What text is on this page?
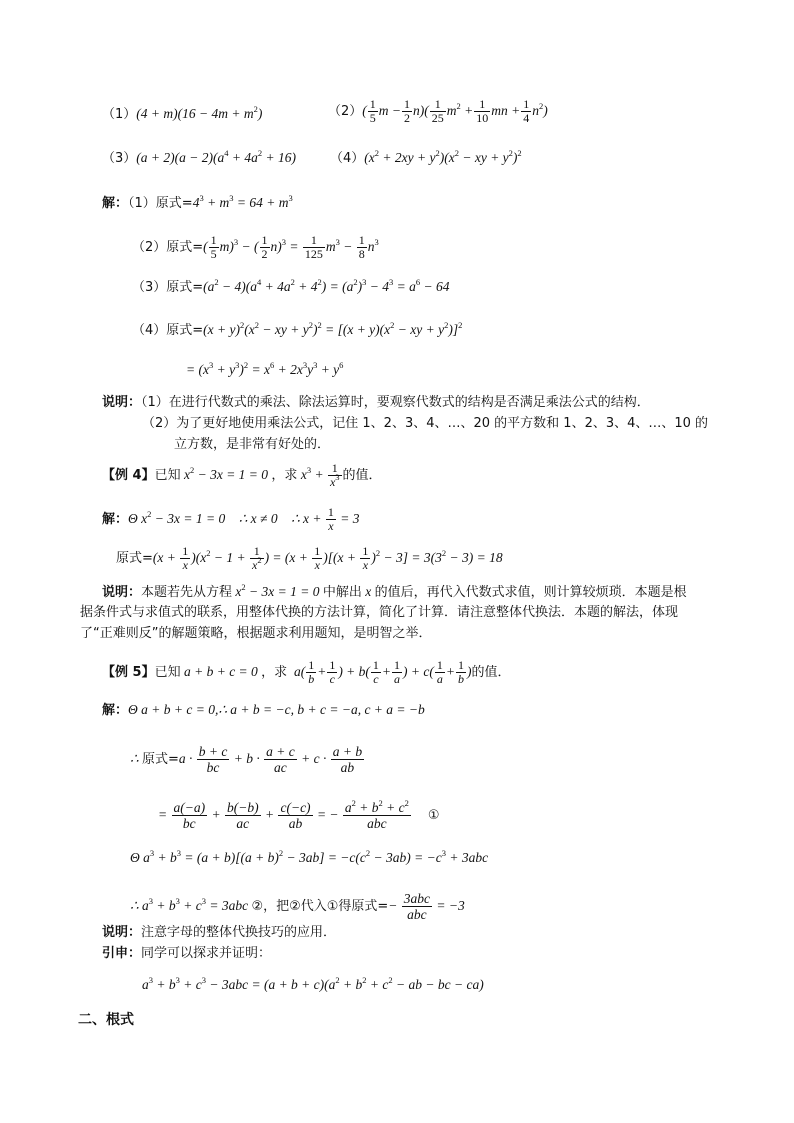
$(1)(4 + m)(16 - 4m + m^2)$	$(2)( \frac{1}{5}$ $m - \frac{1}{2} n)( \frac{1}{25} m^2 + \frac{1}{10}$ mn + $\frac{1}{4} n^2$)
$(3)(a + 2)(a - 2)(a^4 + 4a^2 + 16)$	$(4)(x^2 + 2xy + y^2)(x^2$ − xy + $y^2)^2$
解：（1）原式$=4^3 + m^3 = 64 + m^3$
（2）原式=( $\frac{1}{5} m)^3$ − ( $\frac{1}{2} n)^3 = \frac{1}{125} m^3 - \frac{1}{8} n^3$
（3）原式$=(a^2 - 4)(a^4 + 4a^2 + 4^2) = (a^2)^3 - 4^3 = a^6 - 64$
（4）原式$=(x + y)^2(x^2$ − xy + $y^2)^2 = [(x + y)(x^2$ − xy + $y^2)]^2$
= $(x^3 + y^3)^2 = x^6 + 2x^3y^3 + y^6$
说明：（1）在进行代数式的乘法、除法运算时，要观察代数式的结构是否满足乘法公式的结构．
（2）为了更好地使用乘法公式，记住 1、2、3、4、…、20 的平方数和 1、2、3、4、…、10 的
立方数，是非常有好处的．
【例 4】已知 $x^2 - 3x = 1 = 0$ ，求 $x^3 + \frac{1}{x^3}$ 的值．
解：Θ $x^2 - 3x = 1 = 0$    ∴ x ≠ 0    ∴ $x + \frac{1}{x} = 3$
原式$=(x + \frac{1}{x} )(x^2 - 1 + \frac{1}{x^2}$ ) = $(x + \frac{1}{x} )[(x + \frac{1}{x} )^2 - 3] = 3(3^2 - 3) = 18$
说明：本题若先从方程 $x^2 - 3x = 1 = 0$ 中解出 x 的值后，再代入代数式求值，则计算较烦琐．本题是根
据条件式与求值式的联系，用整体代换的方法计算，简化了计算．请注意整体代换法．本题的解法，体现
了“正难则反”的解题策略，根据题求利用题知，是明智之举．
【例 5】已知 a + b + c = 0 ，求  $a( \frac{1}{b} + \frac{1}{c}$ ) + $b( \frac{1}{c} + \frac{1}{a}$ ) + $c( \frac{1}{a} + \frac{1}{b}$ )的值．
解：Θ a + b + c = 0,∴ a + b = −c, b + c = −a, c + a = −b
∴ 原式$=a \cdot \frac{b + c}{bc} + b \cdot \frac{a + c}{ac} + c \cdot \frac{a + b}{ab}$
= $\frac{a(-a)}{bc} + \frac{b(-b)}{ac} + \frac{c(-c)}{ab}$ = − $a^2 + b^2 + c^2$
abc
①
Θ $a^3 + b^3 = (a + b)[(a + b)^2 - 3ab] = -c(c^2 - 3ab) = -c^3 + 3abc$
∴ $a^3 + b^3 + c^3 = 3abc$ ②，把②代入①得原式=− 3abc
abc
= −3
说明：注意字母的整体代换技巧的应用．
引申：同学可以探求并证明：
$a^3 + b^3 + c^3 - 3abc = (a + b + c)(a^2 + b^2 + c^2$ − ab − bc − ca)
二、根式
